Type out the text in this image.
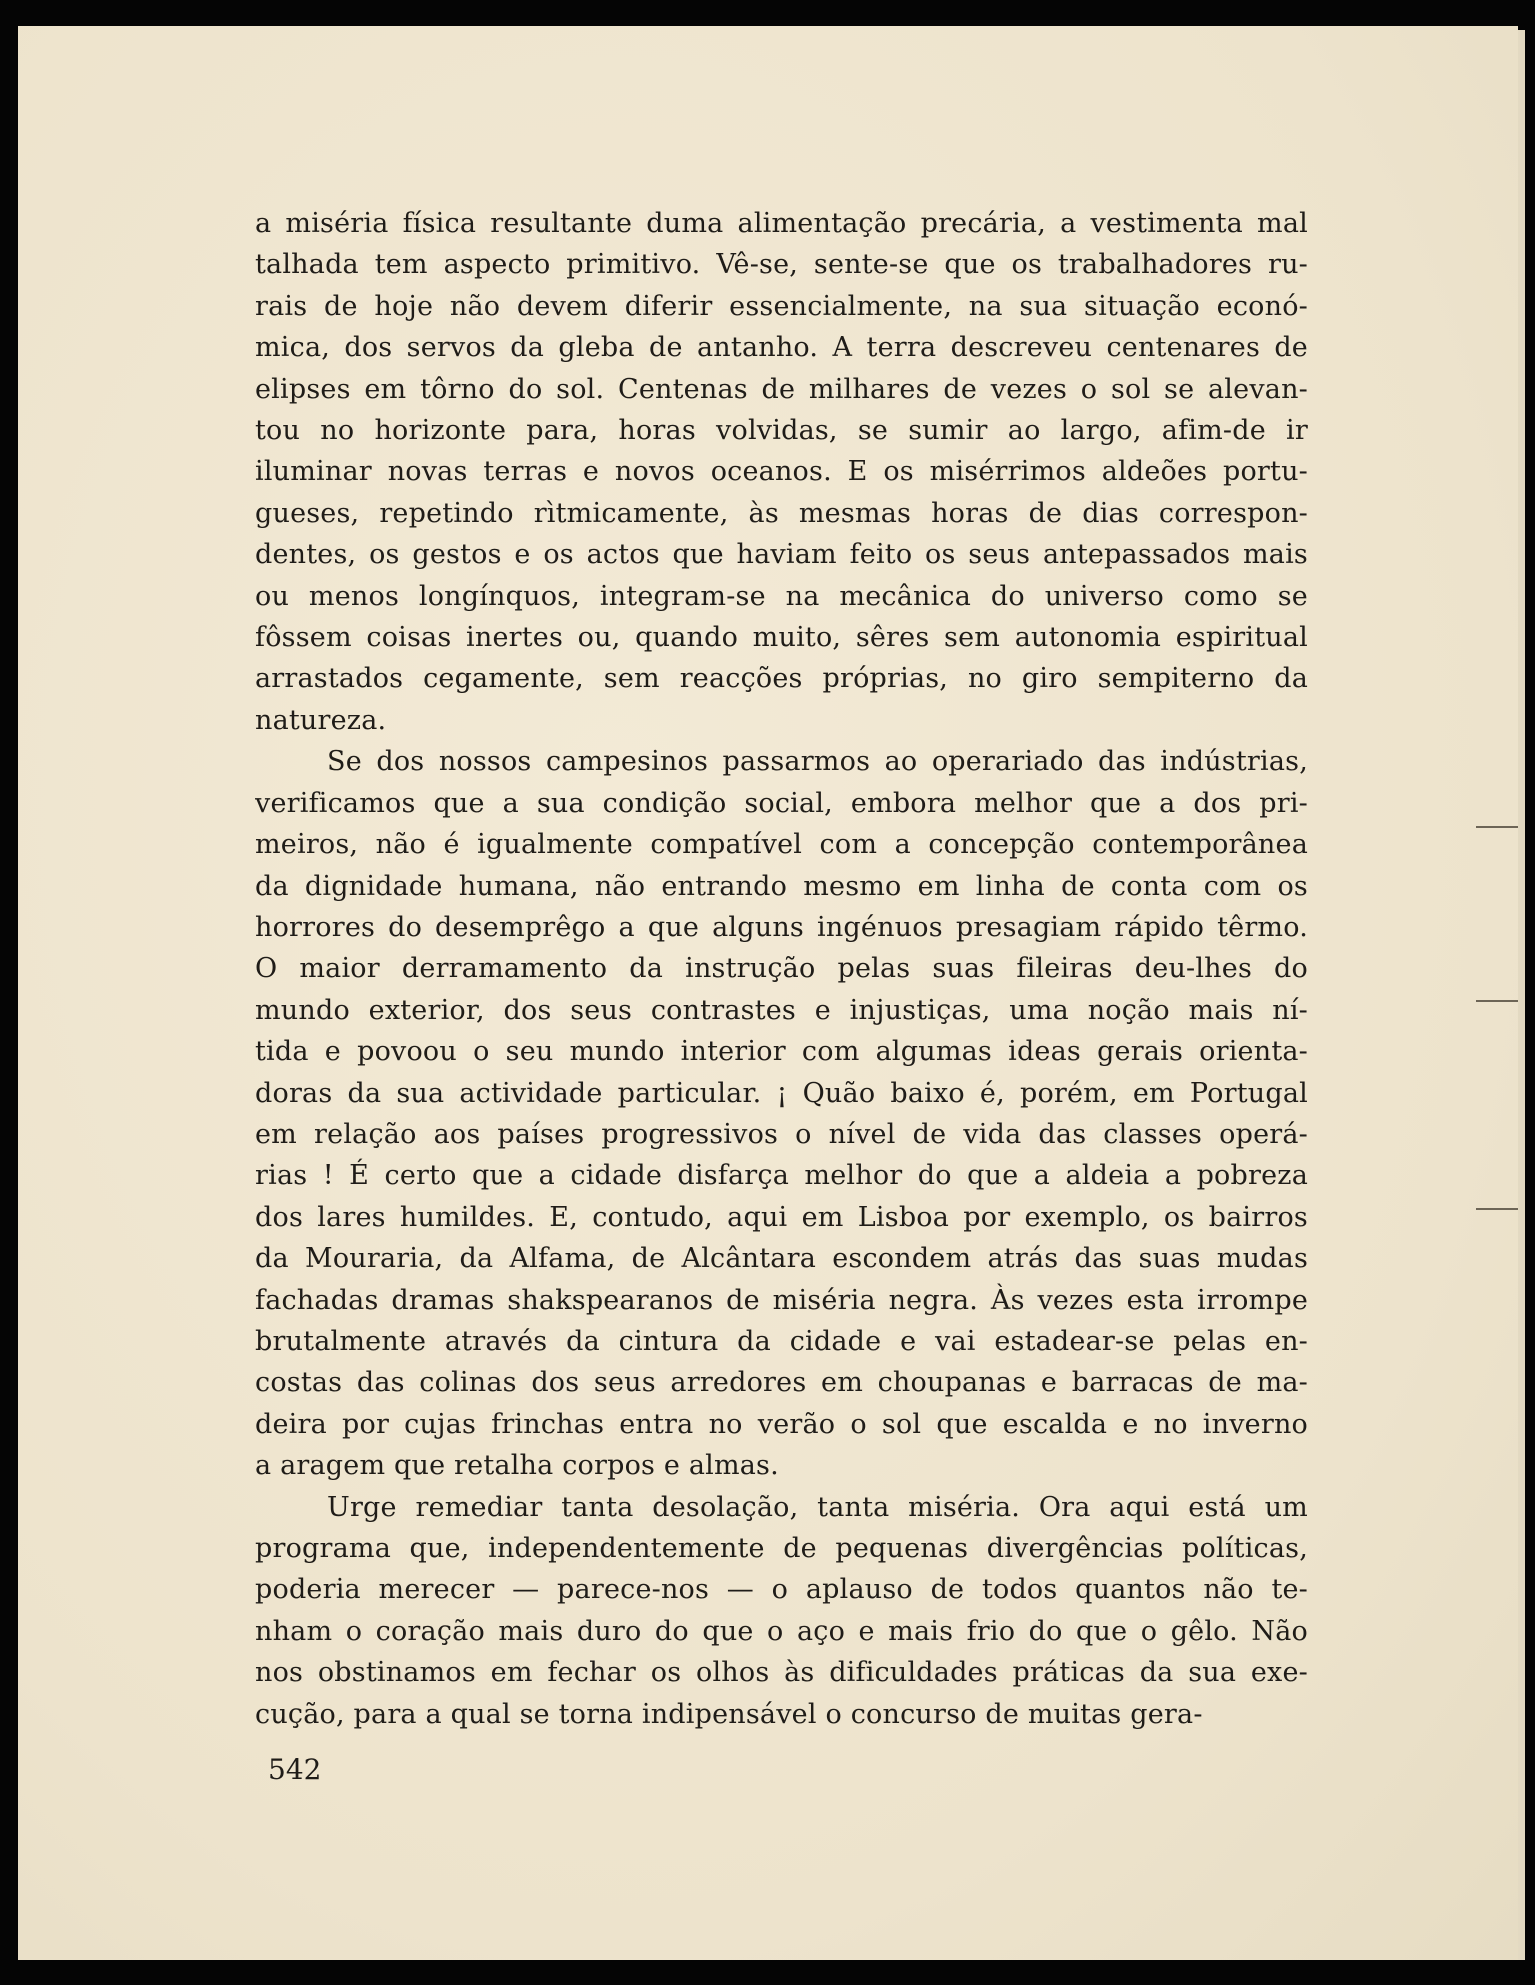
a miséria física resultante duma alimentação precária, a vestimenta mal

talhada tem aspecto primitivo. Vê-se, sente-se que os trabalhadores ru-

rais de hoje não devem diferir essencialmente, na sua situação econó-

mica, dos servos da gleba de antanho. A terra descreveu centenares de

elipses em tôrno do sol. Centenas de milhares de vezes o sol se alevan-

tou no horizonte para, horas volvidas, se sumir ao largo, afim-de ir

iluminar novas terras e novos oceanos. E os misérrimos aldeões portu-

gueses, repetindo rìtmicamente, às mesmas horas de dias correspon-

dentes, os gestos e os actos que haviam feito os seus antepassados mais

ou menos longínquos, integram-se na mecânica do universo como se

fôssem coisas inertes ou, quando muito, sêres sem autonomia espiritual

arrastados cegamente, sem reacções próprias, no giro sempiterno da

natureza.

Se dos nossos campesinos passarmos ao operariado das indústrias,

verificamos que a sua condição social, embora melhor que a dos pri-

meiros, não é igualmente compatível com a concepção contemporânea

da dignidade humana, não entrando mesmo em linha de conta com os

horrores do desemprêgo a que alguns ingénuos presagiam rápido têrmo.

O maior derramamento da instrução pelas suas fileiras deu-lhes do

mundo exterior, dos seus contrastes e injustiças, uma noção mais ní-

tida e povoou o seu mundo interior com algumas ideas gerais orienta-

doras da sua actividade particular. ¡ Quão baixo é, porém, em Portugal

em relação aos países progressivos o nível de vida das classes operá-

rias ! É certo que a cidade disfarça melhor do que a aldeia a pobreza

dos lares humildes. E, contudo, aqui em Lisboa por exemplo, os bairros

da Mouraria, da Alfama, de Alcântara escondem atrás das suas mudas

fachadas dramas shakspearanos de miséria negra. Às vezes esta irrompe

brutalmente através da cintura da cidade e vai estadear-se pelas en-

costas das colinas dos seus arredores em choupanas e barracas de ma-

deira por cujas frinchas entra no verão o sol que escalda e no inverno

a aragem que retalha corpos e almas.

Urge remediar tanta desolação, tanta miséria. Ora aqui está um

programa que, independentemente de pequenas divergências políticas,

poderia merecer — parece-nos — o aplauso de todos quantos não te-

nham o coração mais duro do que o aço e mais frio do que o gêlo. Não

nos obstinamos em fechar os olhos às dificuldades práticas da sua exe-

cução, para a qual se torna indipensável o concurso de muitas gera-

542
